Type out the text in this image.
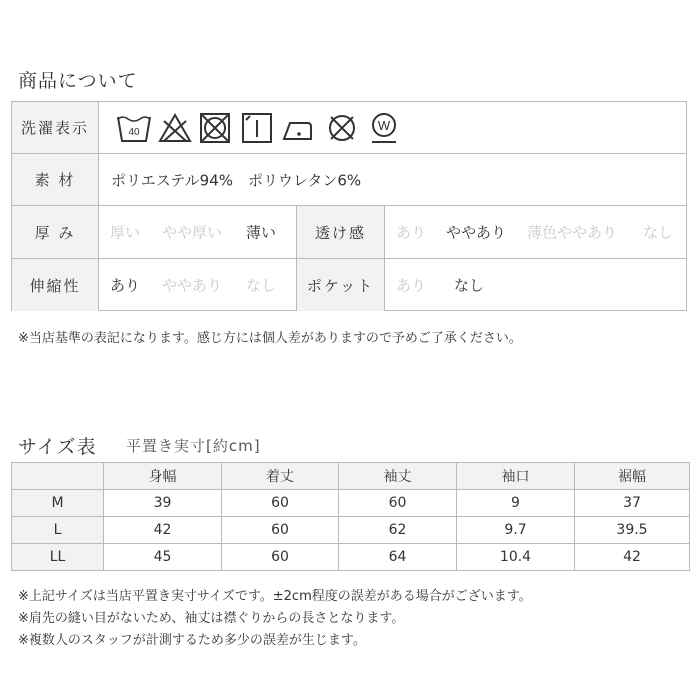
商品について
洗濯表示	40	W
素 材	ポリエステル94%　ポリウレタン6%
厚 み	厚い やや厚い 薄い	透け感	あり ややあり 薄色ややあり なし
伸縮性	あり ややあり なし	ポケット	あり なし
※当店基準の表記になります。感じ方には個人差がありますので予めご了承ください。
サイズ表 平置き実寸[約cm]
	身幅	着丈	袖丈	袖口	裾幅
M	39	60	60	9	37
L	42	60	62	9.7	39.5
LL	45	60	64	10.4	42
※上記サイズは当店平置き実寸サイズです。±2cm程度の誤差がある場合がございます。
※肩先の縫い目がないため、袖丈は襟ぐりからの長さとなります。
※複数人のスタッフが計測するため多少の誤差が生じます。
